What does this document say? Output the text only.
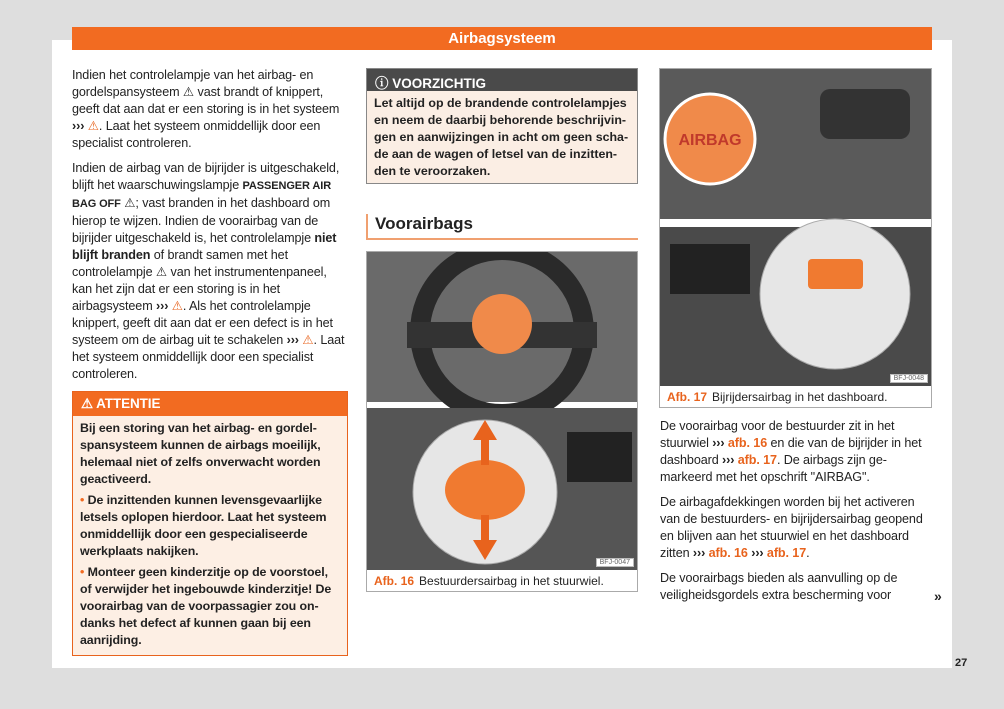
Airbagsysteem

Indien het controlelampje van het airbag- en gordelspansysteem ⚠︎ vast brandt of knippert, geeft dat aan dat er een storing is in het systeem ››› ⚠. Laat het systeem onmiddellijk door een specialist controleren.

Indien de airbag van de bijrijder is uitgeschakeld, blijft het waarschuwingslampje PASSENGER AIR BAG OFF ⚠︎; vast branden in het dashboard om hierop te wijzen. Indien de voorairbag van de bijrijder uitgeschakeld is, het controlelampje niet blijft branden of brandt samen met het controlelampje ⚠︎ van het instrumentenpaneel, kan het zijn dat er een storing is in het airbagsysteem ››› ⚠. Als het controlelampje knippert, geeft dit aan dat er een defect is in het systeem om de airbag uit te schakelen ››› ⚠. Laat het systeem onmiddellijk door een specialist controleren.

⚠ ATTENTIE

Bij een storing van het airbag- en gordelspansysteem kunnen de airbags moeilijk, helemaal niet of zelfs onverwacht worden geactiveerd.

• De inzittenden kunnen levensgevaarlijke letsels oplopen hierdoor. Laat het systeem onmiddellijk door een gespecialiseerde werkplaats nakijken.

• Monteer geen kinderzitje op de voorstoel, of verwijder het ingebouwde kinderzitje! De voorairbag van de voorpassagier zou ondanks het defect af kunnen gaan bij een aanrijding.

ⓘ VOORZICHTIG
Let altijd op de brandende controlelampjes en neem de daarbij behorende beschrijvingen en aanwijzingen in acht om geen schade aan de wagen of letsel van de inzittenden te veroorzaken.
Voorairbags
BFJ-0047
Afb. 16 Bestuurdersairbag in het stuurwiel.
AIRBAG
BFJ-0048
Afb. 17 Bijrijdersairbag in het dashboard.

De voorairbag voor de bestuurder zit in het stuurwiel ››› afb. 16 en die van de bijrijder in het dashboard ››› afb. 17. De airbags zijn gemarkeerd met het opschrift "AIRBAG".

De airbagafdekkingen worden bij het activeren van de bestuurders- en bijrijdersairbag geopend en blijven aan het stuurwiel en het dashboard zitten ››› afb. 16 ››› afb. 17.

De voorairbags bieden als aanvulling op de veiligheidsgordels extra bescherming voor	»
27
